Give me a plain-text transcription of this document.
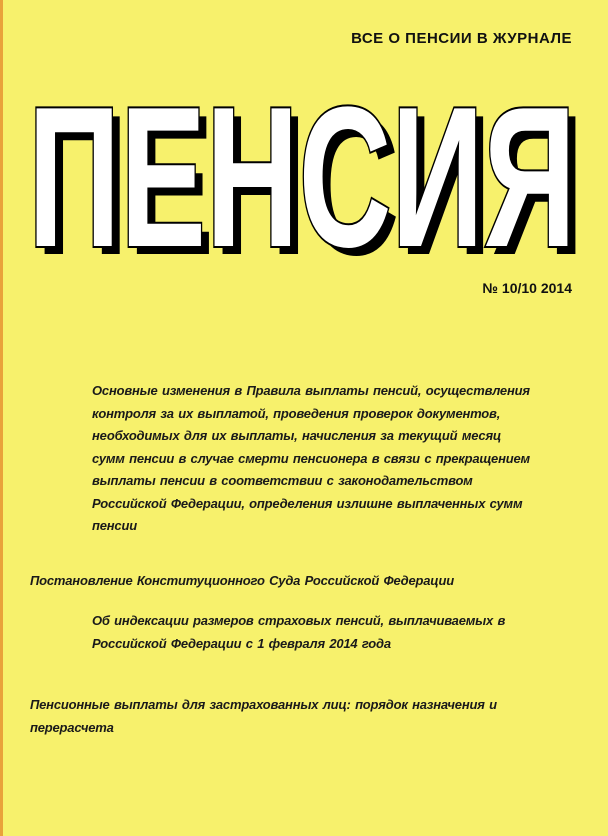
ВСЕ О ПЕНСИИ В ЖУРНАЛЕ
ПЕНСИЯ
ПЕНСИЯ
№ 10/10 2014
Основные изменения в Правила выплаты пенсий, осуществления контроля за их выплатой, проведения проверок документов, необходимых для их выплаты, начисления за текущий месяц сумм пенсии в случае смерти пенсионера в связи с прекращением выплаты пенсии в соответствии с законодательством Российской Федерации, определения излишне выплаченных сумм пенсии
Постановление Конституционного Суда Российской Федерации
Об индексации размеров страховых пенсий, выплачиваемых в Российской Федерации с 1 февраля 2014 года
Пенсионные выплаты для застрахованных лиц: порядок назначения и перерасчета
